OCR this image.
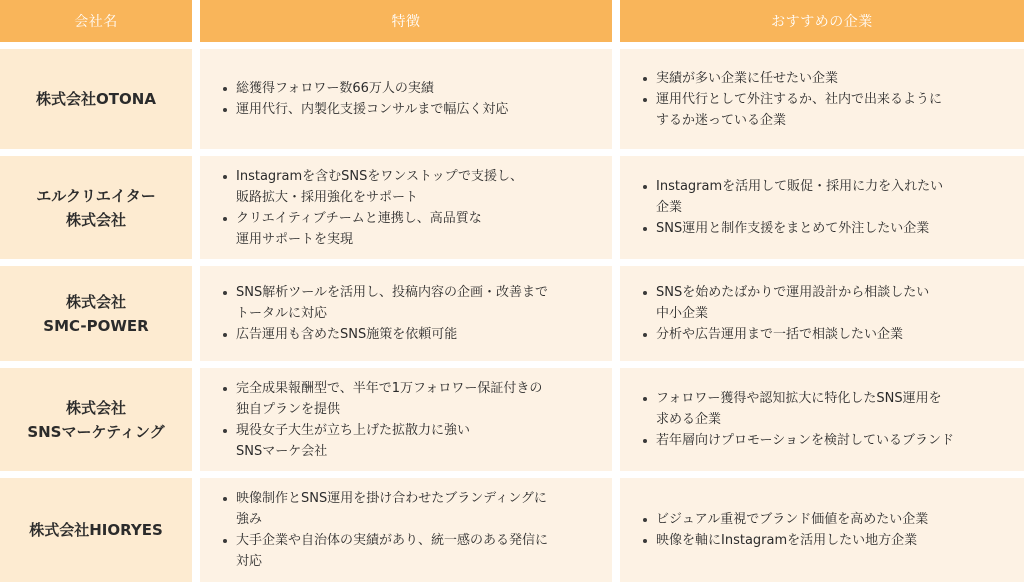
会社名	特徴	おすすめの企業
株式会社OTONA
総獲得フォロワー数66万人の実績
運用代行、内製化支援コンサルまで幅広く対応
実績が多い企業に任せたい企業
運用代行として外注するか、社内で出来るように
するか迷っている企業
エルクリエイター
株式会社
Instagramを含むSNSをワンストップで支援し、
販路拡大・採用強化をサポート
クリエイティブチームと連携し、高品質な
運用サポートを実現
Instagramを活用して販促・採用に力を入れたい
企業
SNS運用と制作支援をまとめて外注したい企業
株式会社
SMC-POWER
SNS解析ツールを活用し、投稿内容の企画・改善まで
トータルに対応
広告運用も含めたSNS施策を依頼可能
SNSを始めたばかりで運用設計から相談したい
中小企業
分析や広告運用まで一括で相談したい企業
株式会社
SNSマーケティング
完全成果報酬型で、半年で1万フォロワー保証付きの
独自プランを提供
現役女子大生が立ち上げた拡散力に強い
SNSマーケ会社
フォロワー獲得や認知拡大に特化したSNS運用を
求める企業
若年層向けプロモーションを検討しているブランド
株式会社HIORYES
映像制作とSNS運用を掛け合わせたブランディングに
強み
大手企業や自治体の実績があり、統一感のある発信に
対応
ビジュアル重視でブランド価値を高めたい企業
映像を軸にInstagramを活用したい地方企業
